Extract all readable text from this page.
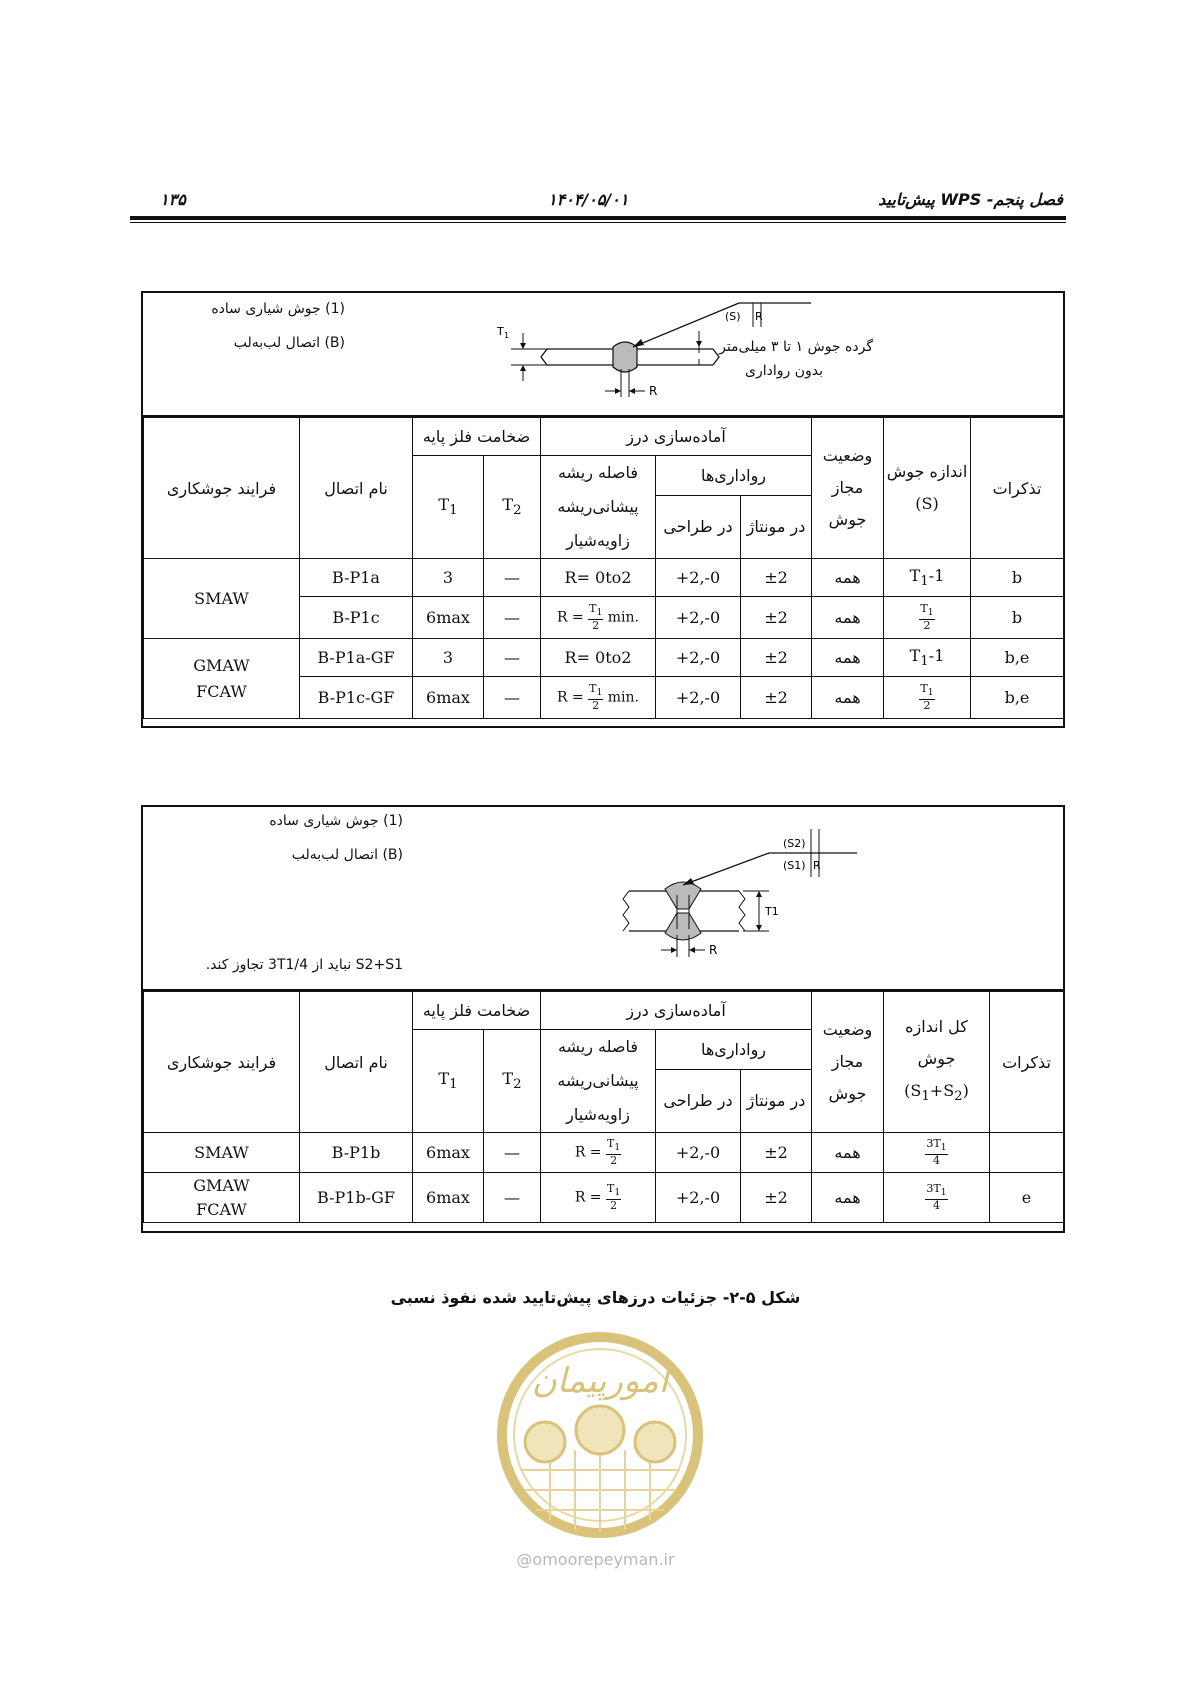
۱۳۵	۱۴۰۴/۰۵/۰۱	فصل پنجم- WPS پیش‌تایید
(1) جوش شیاری ساده
(B) اتصال لب‌به‌لب
T 1
R
(S) R
گرده جوش ۱ تا ۳ میلی‌متر
بدون رواداری
فرایند جوشکاری	نام اتصال	ضخامت فلز پایه		آماده‌سازی درز			وضعیت
مجاز
جوش	اندازه جوش
(S)	تذکرات
		$T_1$	$T_2$	فاصله ریشه
پیشانی‌ریشه
زاویه‌شیار	رواداری‌ها				
					در طراحی	در مونتاژ			
SMAW	B-P1a	3	—	R= 0to2	+2,-0	±2	همه	$T_1-1$	b
	B-P1c	6max	—	$R = \frac{T_1}{2} \min$.	+2,-0	±2	همه	$\frac{T_1}{2}$	b
GMAW
FCAW	B-P1a-GF	3	—	R= 0to2	+2,-0	±2	همه	$T_1-1$	b,e
	B-P1c-GF	6max	—	$R = \frac{T_1}{2} \min$.	+2,-0	±2	همه	$\frac{T_1}{2}$	b,e
(1) جوش شیاری ساده
(B) اتصال لب‌به‌لب
S2+S1 نباید از 3T1/4 تجاوز کند.
T1
R
(S2)
(S1) R
فرایند جوشکاری	نام اتصال	ضخامت فلز پایه		آماده‌سازی درز			وضعیت
مجاز
جوش	کل اندازه جوش
$(S_1+S_2)$	تذکرات
		$T_1$	$T_2$	فاصله ریشه
پیشانی‌ریشه
زاویه‌شیار	رواداری‌ها				
					در طراحی	در مونتاژ			
SMAW	B-P1b	6max	—	$R = \frac{T_1}{2}$	+2,-0	±2	همه	$\frac{3T_1}{4}$

GMAW
FCAW	B-P1b-GF	6max	—	$R = \frac{T_1}{2}$	+2,-0	±2	همه	$\frac{3T_1}{4}$	e
شکل ۵-۲- جزئیات درزهای پیش‌تایید شده نفوذ نسبی
امورپیمان
@omoorepeyman.ir
